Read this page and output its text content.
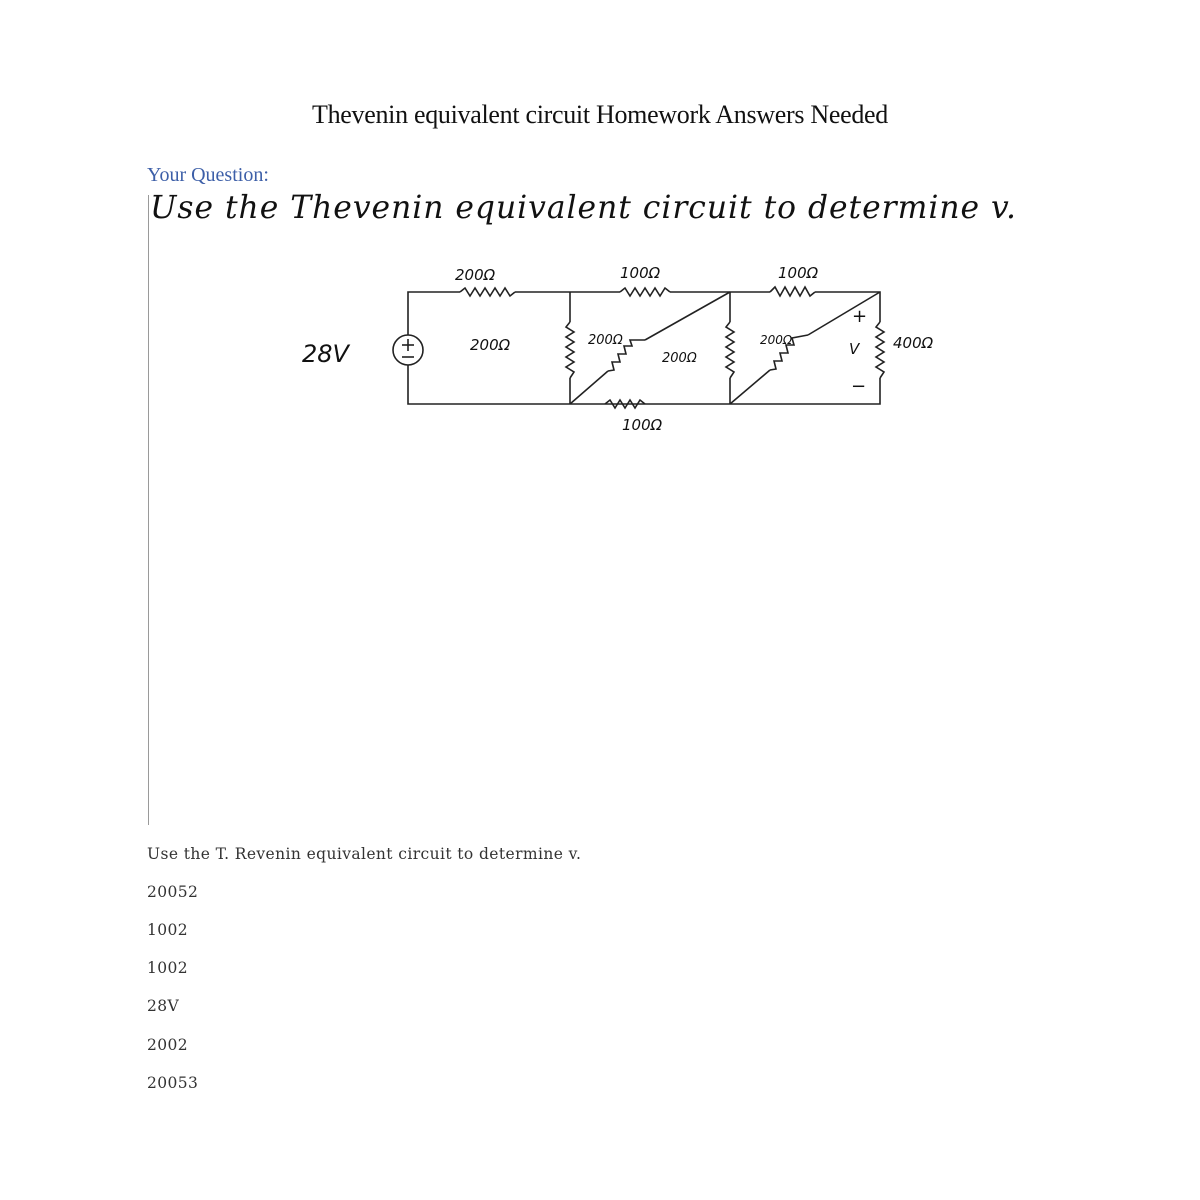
Thevenin equivalent circuit Homework Answers Needed
Your Question:
Use the Thevenin equivalent circuit to determine v.
28V
200Ω	100Ω	100Ω
200Ω	200Ω
200Ω
200Ω	400Ω
100Ω
+
V
−
Use the T. Revenin equivalent circuit to determine v.
20052
1002
1002
28V
2002
20053
